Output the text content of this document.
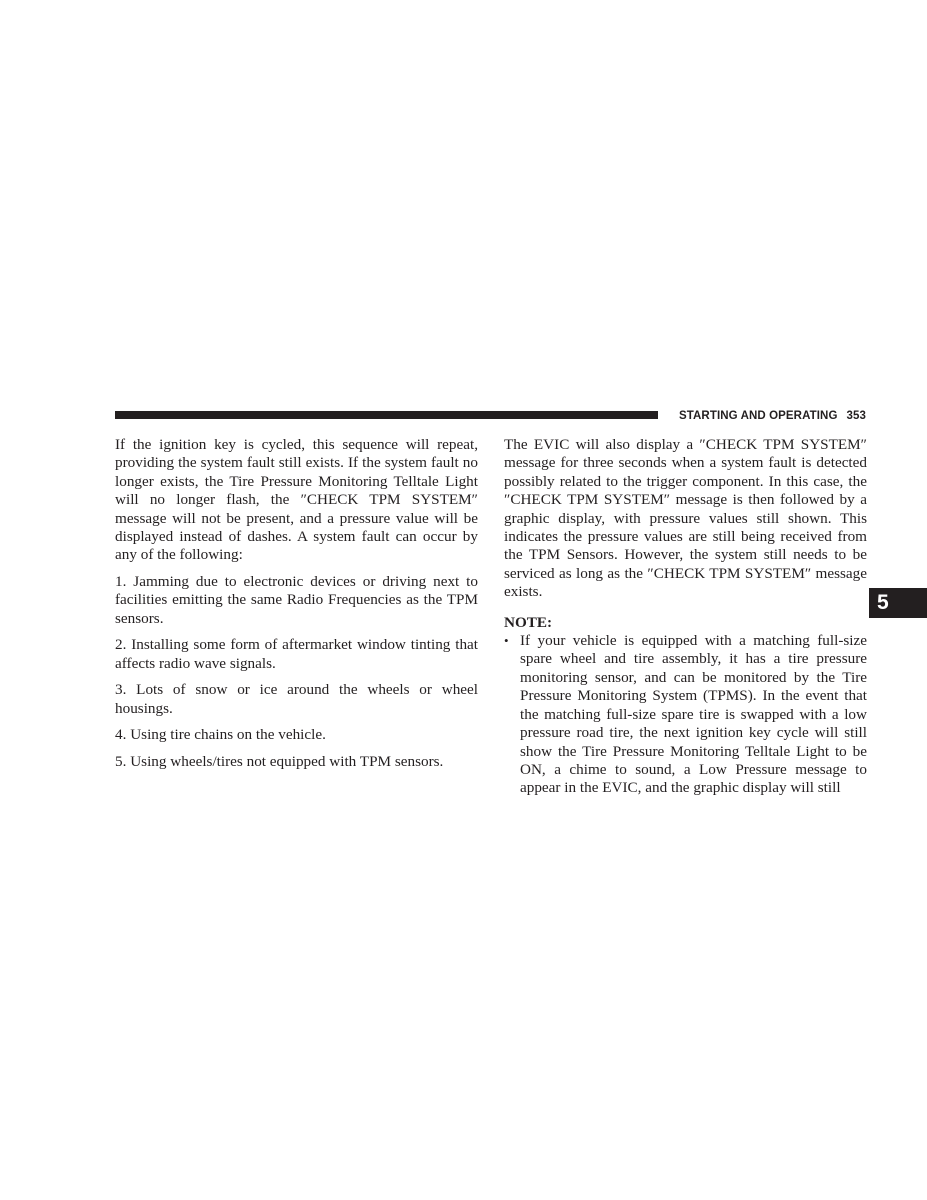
STARTING AND OPERATING 353

If the ignition key is cycled, this sequence will repeat, providing the system fault still exists. If the system fault no longer exists, the Tire Pressure Monitoring Telltale Light will no longer flash, the ″CHECK TPM SYSTEM″ message will not be present, and a pressure value will be displayed instead of dashes. A system fault can occur by any of the following:

1. Jamming due to electronic devices or driving next to facilities emitting the same Radio Frequencies as the TPM sensors.

2. Installing some form of aftermarket window tinting that affects radio wave signals.

3. Lots of snow or ice around the wheels or wheel housings.

4. Using tire chains on the vehicle.

5. Using wheels/tires not equipped with TPM sensors.

The EVIC will also display a ″CHECK TPM SYSTEM″ message for three seconds when a system fault is detected possibly related to the trigger component. In this case, the ″CHECK TPM SYSTEM″ message is then followed by a graphic display, with pressure values still shown. This indicates the pressure values are still being received from the TPM Sensors. However, the system still needs to be serviced as long as the ″CHECK TPM SYSTEM″ message exists.

NOTE:
• If your vehicle is equipped with a matching full-size spare wheel and tire assembly, it has a tire pressure monitoring sensor, and can be monitored by the Tire Pressure Monitoring System (TPMS). In the event that the matching full-size spare tire is swapped with a low pressure road tire, the next ignition key cycle will still show the Tire Pressure Monitoring Telltale Light to be ON, a chime to sound, a Low Pressure message to appear in the EVIC, and the graphic display will still
5
